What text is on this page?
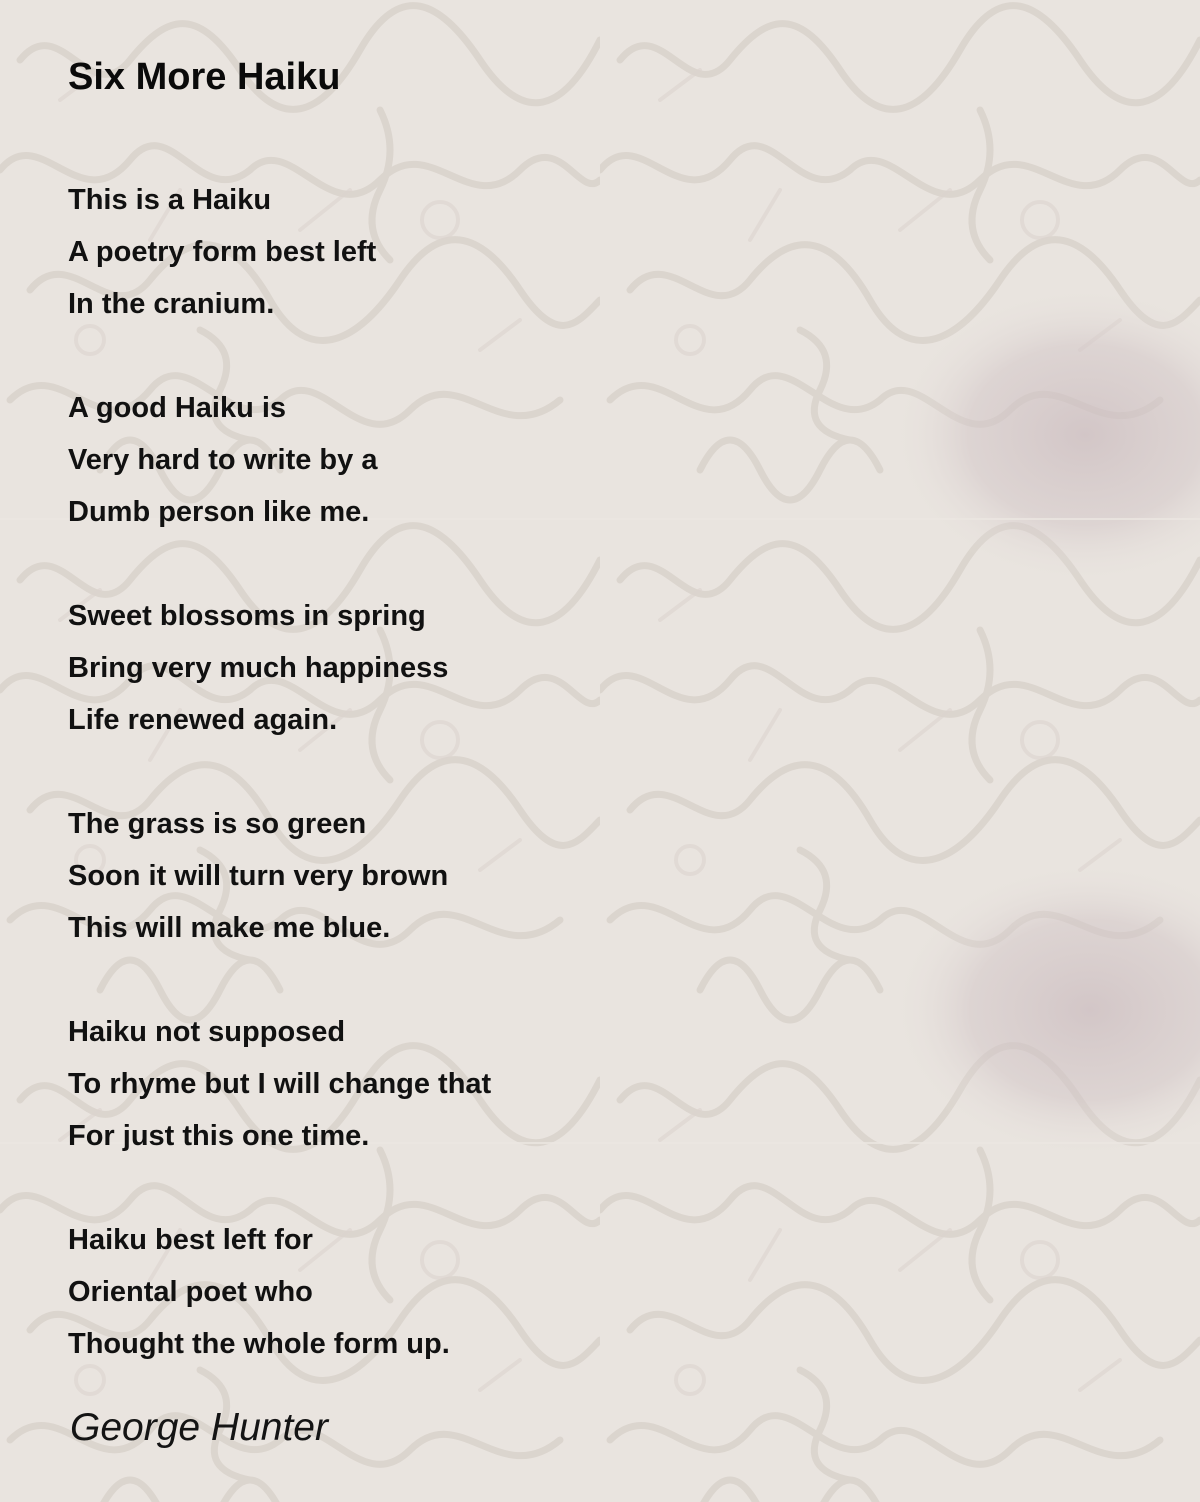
Six More Haiku
This is a Haiku
A poetry form best left
In the cranium.
A good Haiku is
Very hard to write by a
Dumb person like me.
Sweet blossoms in spring
Bring very much happiness
Life renewed again.
The grass is so green
Soon it will turn very brown
This will make me blue.
Haiku not supposed
To rhyme but I will change that
For just this one time.
Haiku best left for
Oriental poet who
Thought the whole form up.
George Hunter
